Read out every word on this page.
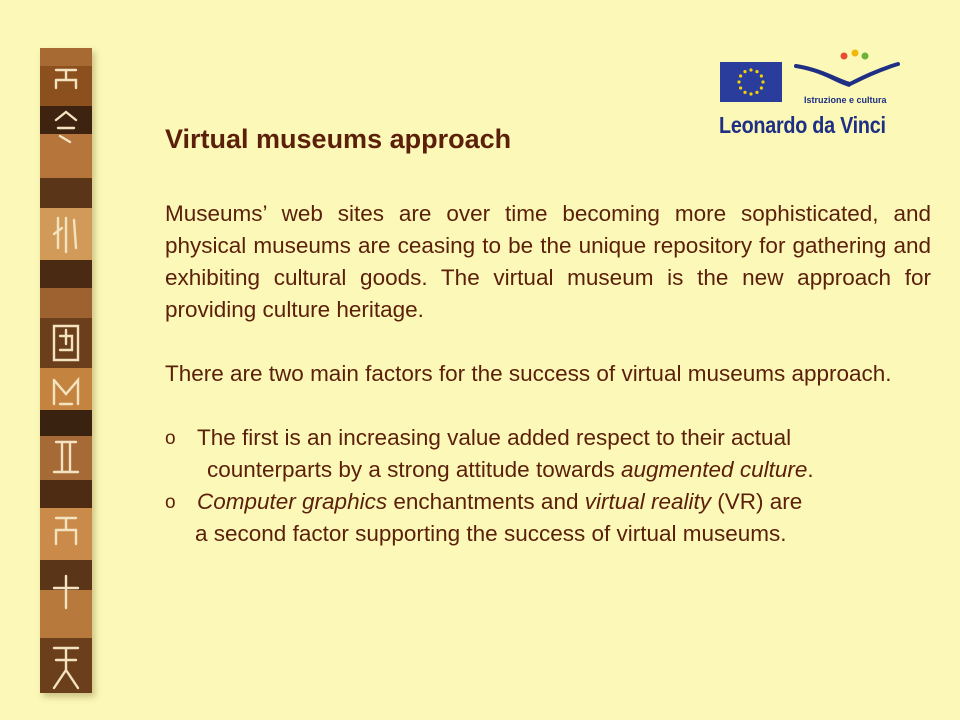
Istruzione e cultura
Leonardo da Vinci
Virtual museums approach

Museums’ web sites are over time becoming more sophisticated, and physical museums are ceasing to be the unique repository for gathering and exhibiting cultural goods. The virtual museum is the new approach for providing culture heritage.

There are two main factors for the success of virtual museums approach.

o The first is an increasing value added respect to their actual
counterparts by a strong attitude towards augmented culture.
o Computer graphics enchantments and virtual reality (VR) are
a second factor supporting the success of virtual museums.
